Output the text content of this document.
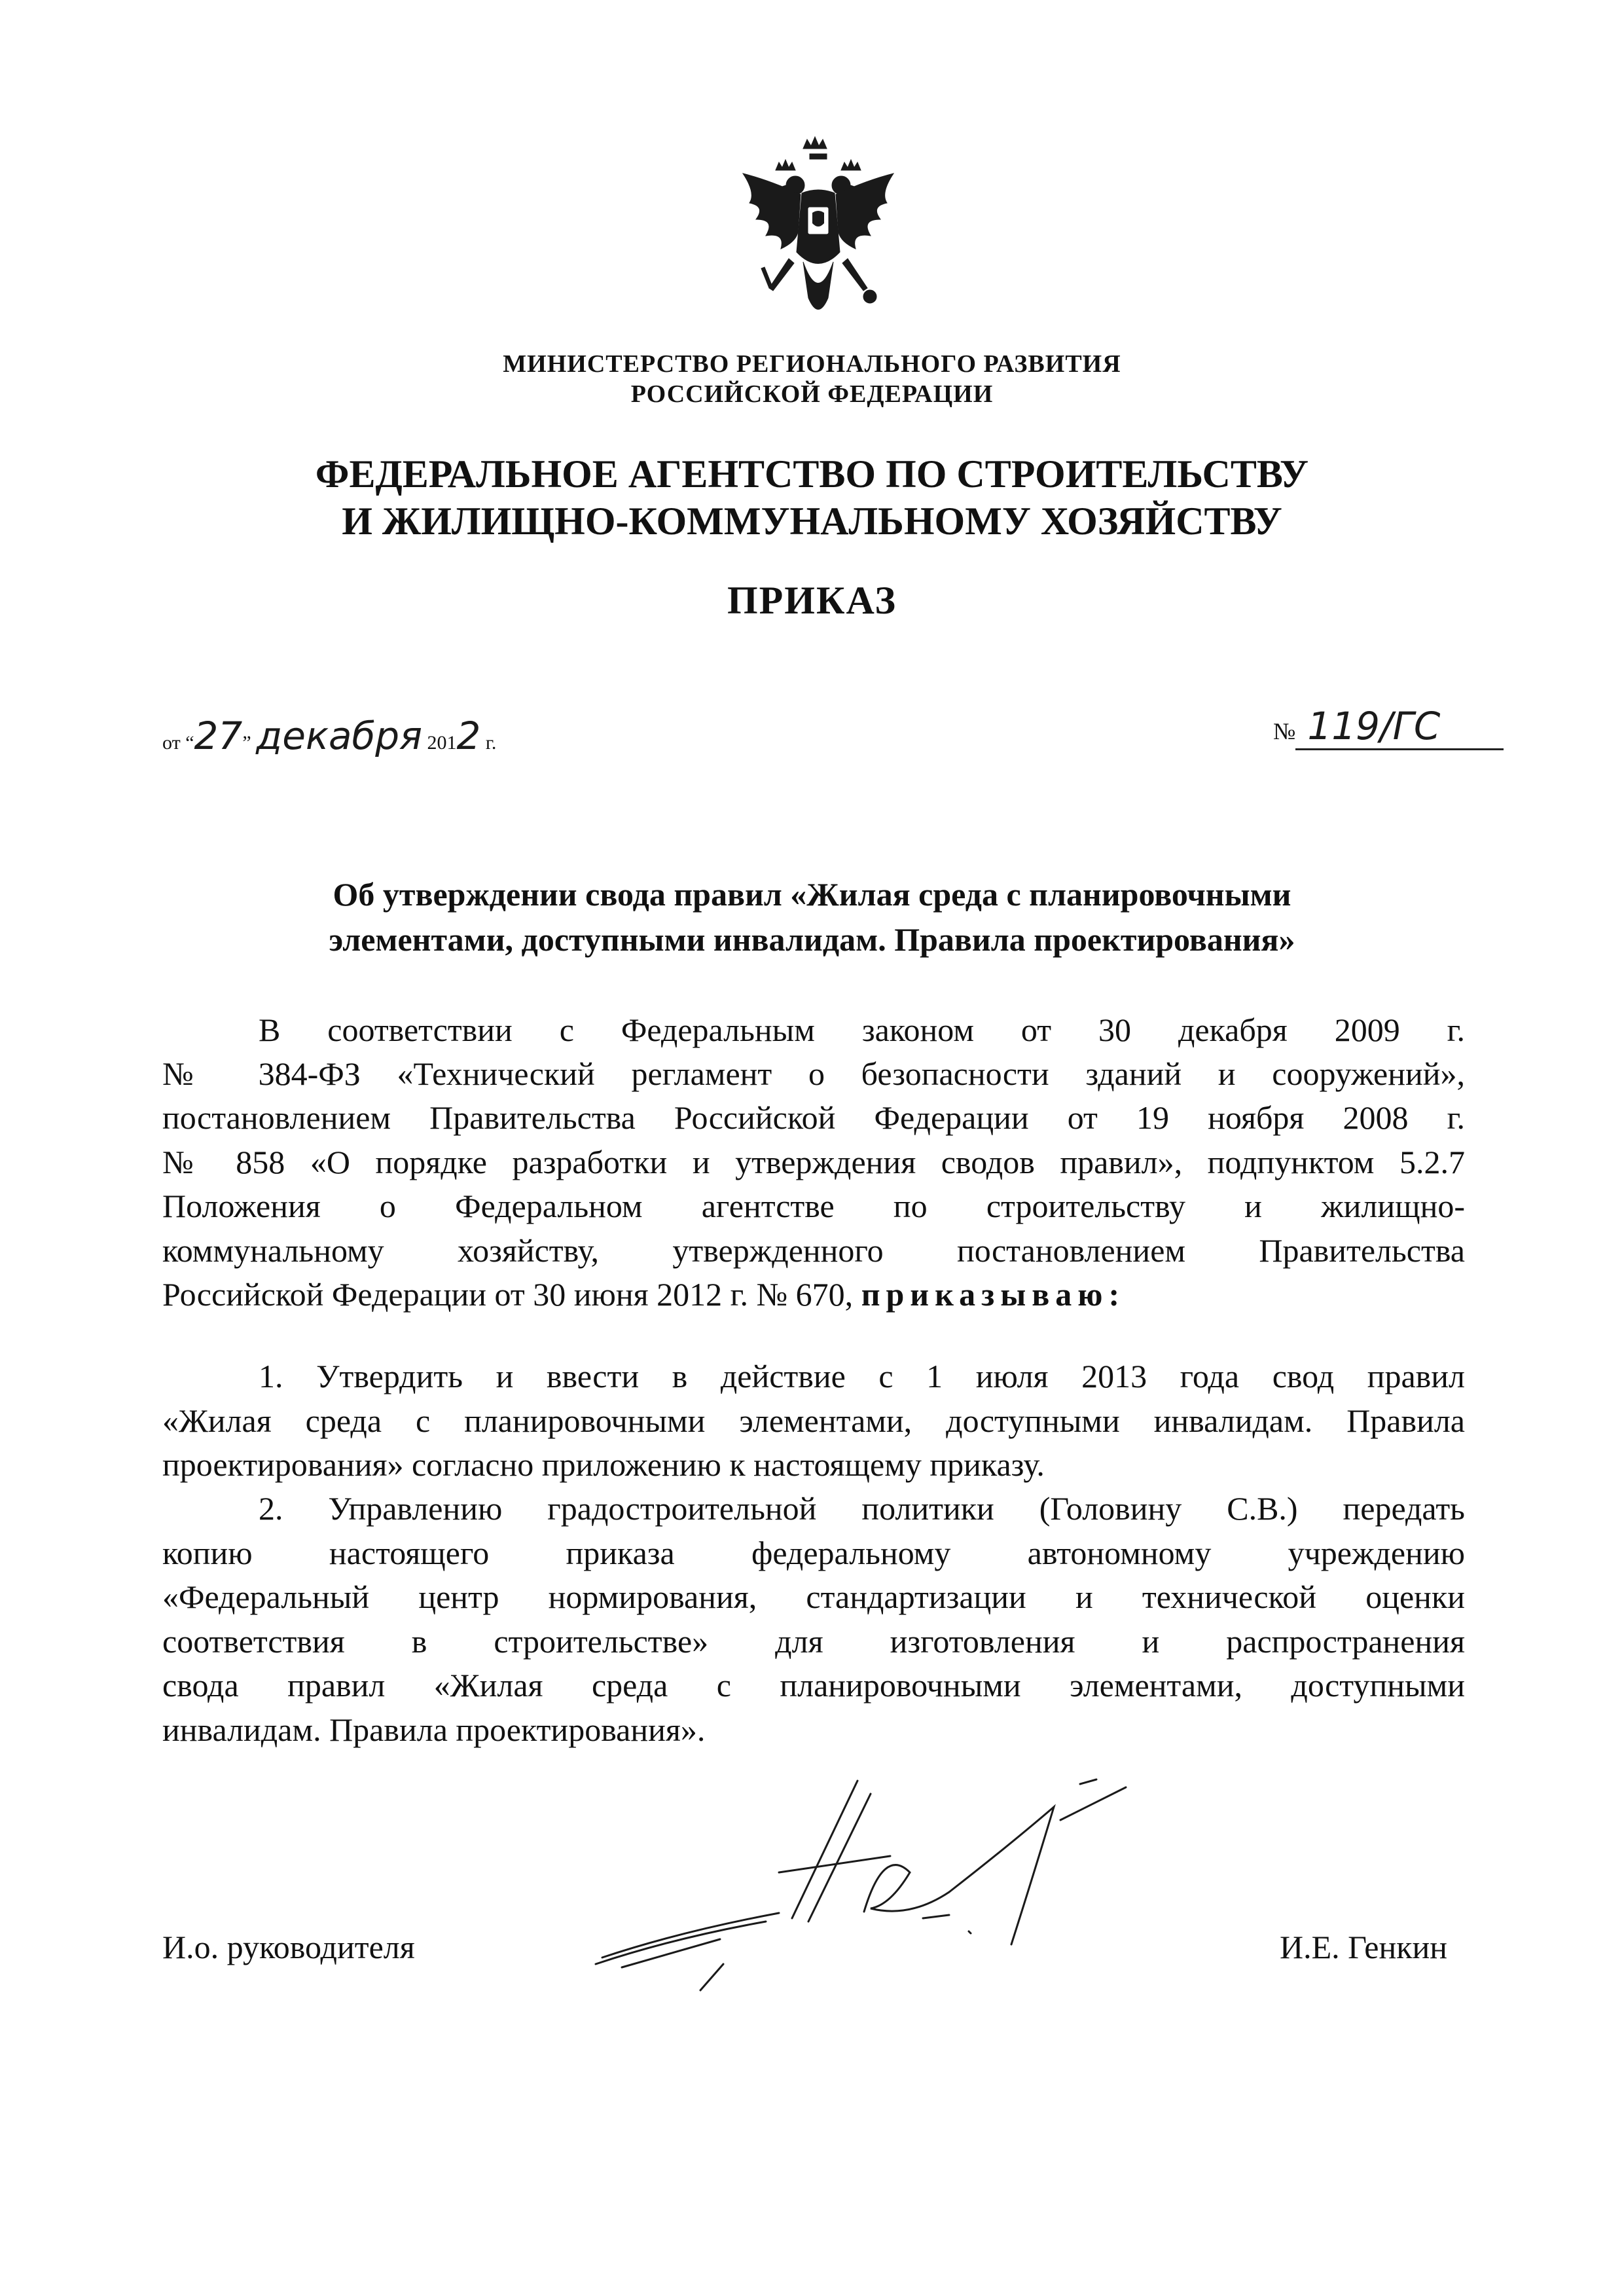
МИНИСТЕРСТВО РЕГИОНАЛЬНОГО РАЗВИТИЯ
РОССИЙСКОЙ ФЕДЕРАЦИИ
ФЕДЕРАЛЬНОЕ АГЕНТСТВО ПО СТРОИТЕЛЬСТВУ
И ЖИЛИЩНО-КОММУНАЛЬНОМУ ХОЗЯЙСТВУ
ПРИКАЗ
от “27” декабря 2012 г.	№ 119/ГС
Об утверждении свода правил «Жилая среда с планировочными
элементами, доступными инвалидам. Правила проектирования»
В соответствии с Федеральным законом от 30 декабря 2009 г.
№ 384-ФЗ «Технический регламент о безопасности зданий и сооружений»,
постановлением Правительства Российской Федерации от 19 ноября 2008 г.
№ 858 «О порядке разработки и утверждения сводов правил», подпунктом 5.2.7
Положения о Федеральном агентстве по строительству и жилищно-
коммунальному хозяйству, утвержденного постановлением Правительства
Российской Федерации от 30 июня 2012 г. № 670, приказываю:
1. Утвердить и ввести в действие с 1 июля 2013 года свод правил
«Жилая среда с планировочными элементами, доступными инвалидам. Правила
проектирования» согласно приложению к настоящему приказу.
2. Управлению градостроительной политики (Головину С.В.) передать
копию настоящего приказа федеральному автономному учреждению
«Федеральный центр нормирования, стандартизации и технической оценки
соответствия в строительстве» для изготовления и распространения
свода правил «Жилая среда с планировочными элементами, доступными
инвалидам. Правила проектирования».
И.о. руководителя	И.Е. Генкин
